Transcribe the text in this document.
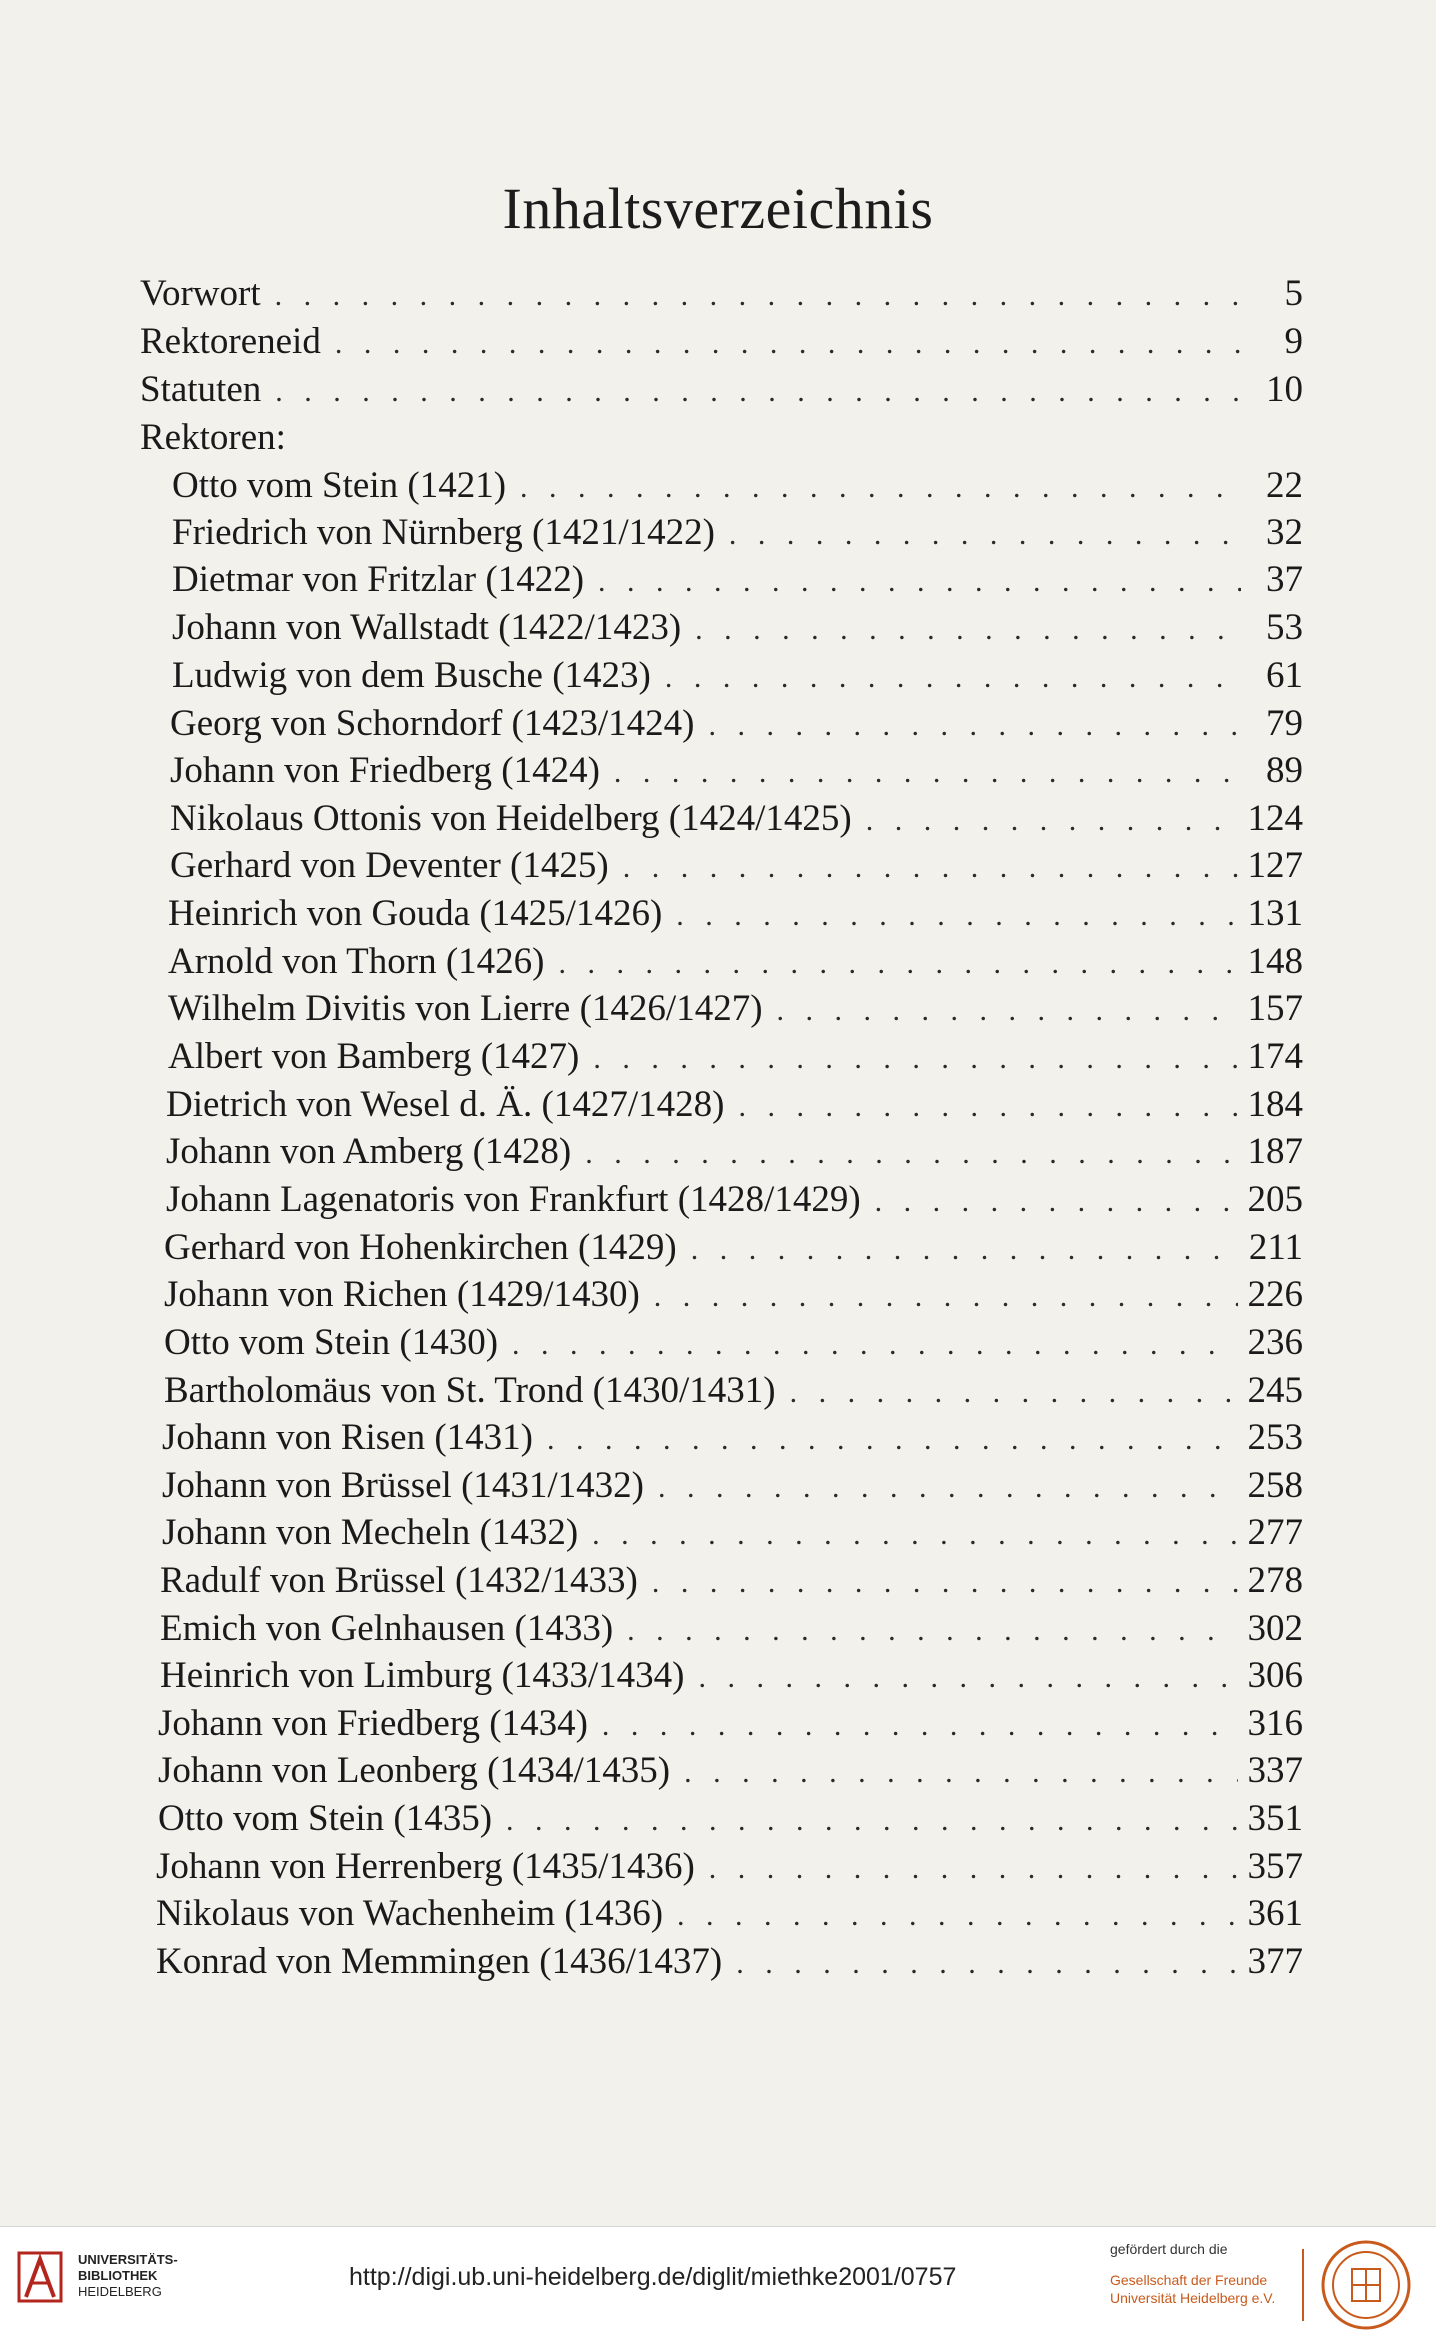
Inhaltsverzeichnis
Vorwort . . .	5
Rektoreneid . . .	9
Statuten . . .	10
Rektoren:
Otto vom Stein (1421) . . .	22
Friedrich von Nürnberg (1421/1422) . . .	32
Dietmar von Fritzlar (1422) . . .	37
Johann von Wallstadt (1422/1423) . . .	53
Ludwig von dem Busche (1423) . . .	61
Georg von Schorndorf (1423/1424) . . .	79
Johann von Friedberg (1424) . . .	89
Nikolaus Ottonis von Heidelberg (1424/1425) . . .	124
Gerhard von Deventer (1425) . . .	127
Heinrich von Gouda (1425/1426) . . .	131
Arnold von Thorn (1426) . . .	148
Wilhelm Divitis von Lierre (1426/1427) . . .	157
Albert von Bamberg (1427) . . .	174
Dietrich von Wesel d. Ä. (1427/1428) . . .	184
Johann von Amberg (1428) . . .	187
Johann Lagenatoris von Frankfurt (1428/1429) . . .	205
Gerhard von Hohenkirchen (1429) . . .	211
Johann von Richen (1429/1430) . . .	226
Otto vom Stein (1430) . . .	236
Bartholomäus von St. Trond (1430/1431) . . .	245
Johann von Risen (1431) . . .	253
Johann von Brüssel (1431/1432) . . .	258
Johann von Mecheln (1432) . . .	277
Radulf von Brüssel (1432/1433) . . .	278
Emich von Gelnhausen (1433) . . .	302
Heinrich von Limburg (1433/1434) . . .	306
Johann von Friedberg (1434) . . .	316
Johann von Leonberg (1434/1435) . . .	337
Otto vom Stein (1435) . . .	351
Johann von Herrenberg (1435/1436) . . .	357
Nikolaus von Wachenheim (1436) . . .	361
Konrad von Memmingen (1436/1437) . . .	377
UNIVERSITÄTS-
BIBLIOTHEK
HEIDELBERG
http://digi.ub.uni-heidelberg.de/diglit/miethke2001/0757
gefördert durch die
Gesellschaft der Freunde
Universität Heidelberg e.V.
